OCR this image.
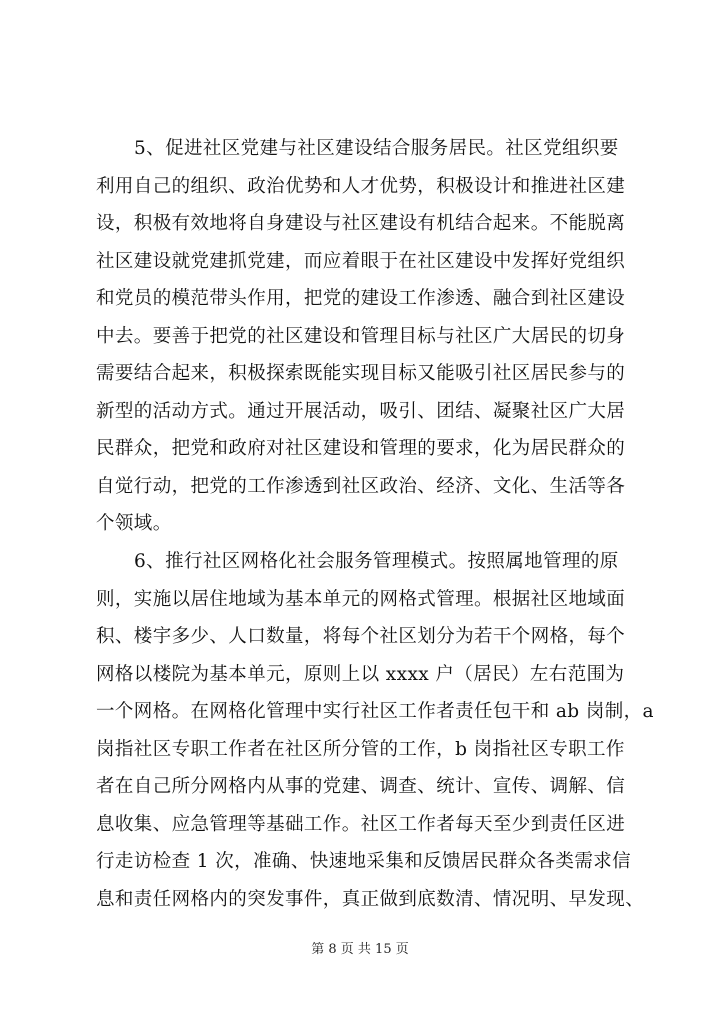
5、促进社区党建与社区建设结合服务居民。社区党组织要
利用自己的组织、政治优势和人才优势，积极设计和推进社区建
设，积极有效地将自身建设与社区建设有机结合起来。不能脱离
社区建设就党建抓党建，而应着眼于在社区建设中发挥好党组织
和党员的模范带头作用，把党的建设工作渗透、融合到社区建设
中去。要善于把党的社区建设和管理目标与社区广大居民的切身
需要结合起来，积极探索既能实现目标又能吸引社区居民参与的
新型的活动方式。通过开展活动，吸引、团结、凝聚社区广大居
民群众，把党和政府对社区建设和管理的要求，化为居民群众的
自觉行动，把党的工作渗透到社区政治、经济、文化、生活等各
个领域。
6、推行社区网格化社会服务管理模式。按照属地管理的原
则，实施以居住地域为基本单元的网格式管理。根据社区地域面
积、楼宇多少、人口数量，将每个社区划分为若干个网格，每个
网格以楼院为基本单元，原则上以 xxxx 户（居民）左右范围为
一个网格。在网格化管理中实行社区工作者责任包干和 ab 岗制，a
岗指社区专职工作者在社区所分管的工作，b 岗指社区专职工作
者在自己所分网格内从事的党建、调查、统计、宣传、调解、信
息收集、应急管理等基础工作。社区工作者每天至少到责任区进
行走访检查 1 次，准确、快速地采集和反馈居民群众各类需求信
息和责任网格内的突发事件，真正做到底数清、情况明、早发现、
第 8 页 共 15 页
